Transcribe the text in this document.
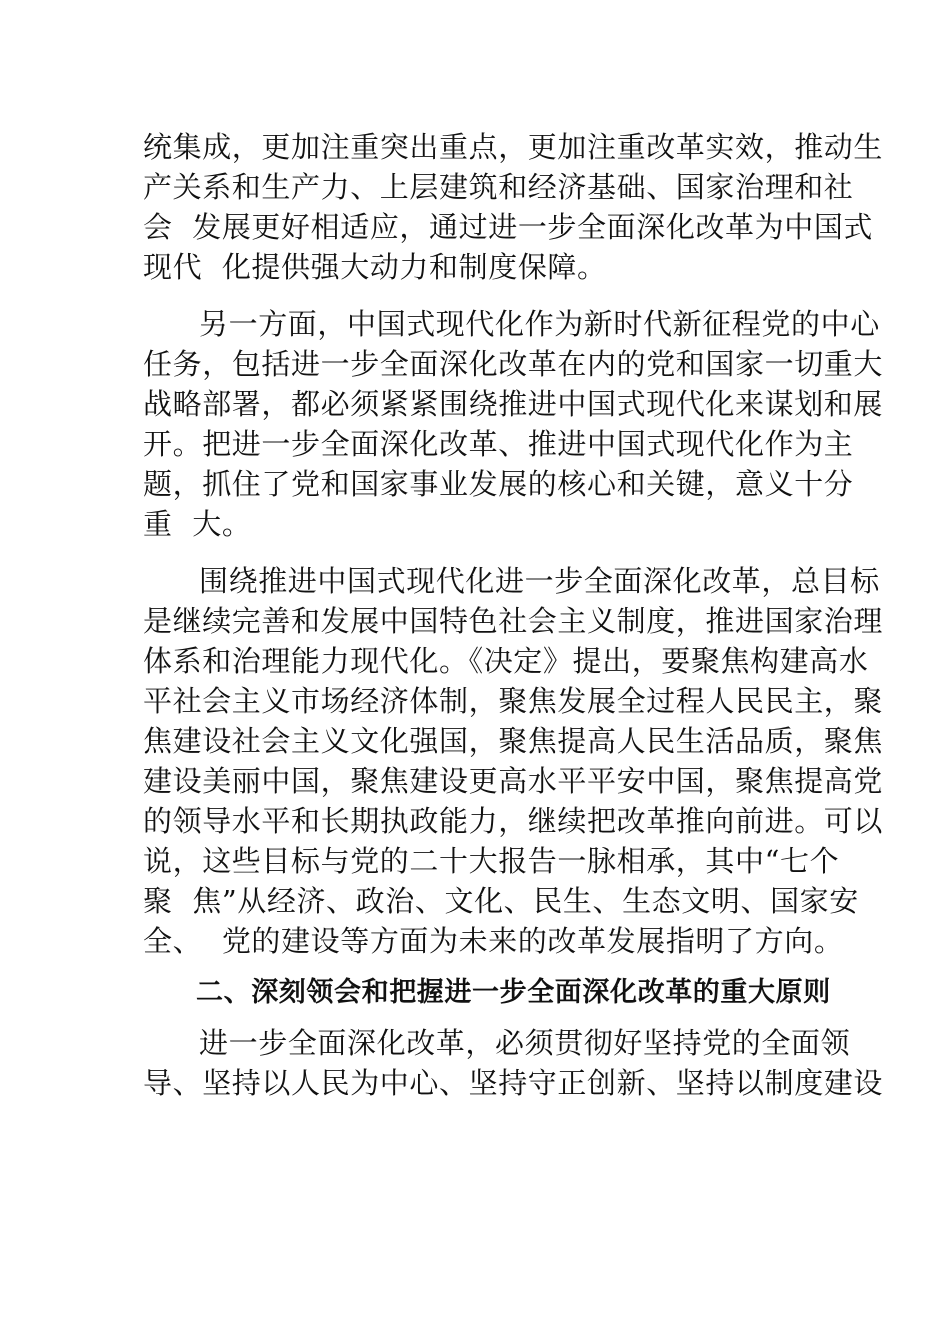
统集成，更加注重突出重点，更加注重改革实效，推动生
产关系和生产力、上层建筑和经济基础、国家治理和社
会  发展更好相适应，通过进一步全面深化改革为中国式
现代  化提供强大动力和制度保障。
另一方面，中国式现代化作为新时代新征程党的中心
任务，包括进一步全面深化改革在内的党和国家一切重大
战略部署，都必须紧紧围绕推进中国式现代化来谋划和展
开。把进一步全面深化改革、推进中国式现代化作为主
题，抓住了党和国家事业发展的核心和关键，意义十分
重  大。
围绕推进中国式现代化进一步全面深化改革，总目标
是继续完善和发展中国特色社会主义制度，推进国家治理
体系和治理能力现代化。《决定》提出，要聚焦构建高水
平社会主义市场经济体制，聚焦发展全过程人民民主，聚
焦建设社会主义文化强国，聚焦提高人民生活品质，聚焦
建设美丽中国，聚焦建设更高水平平安中国，聚焦提高党
的领导水平和长期执政能力，继续把改革推向前进。可以
说，这些目标与党的二十大报告一脉相承，其中“七个
聚  焦”从经济、政治、文化、民生、生态文明、国家安
全、  党的建设等方面为未来的改革发展指明了方向。
二、深刻领会和把握进一步全面深化改革的重大原则
进一步全面深化改革，必须贯彻好坚持党的全面领
导、坚持以人民为中心、坚持守正创新、坚持以制度建设
